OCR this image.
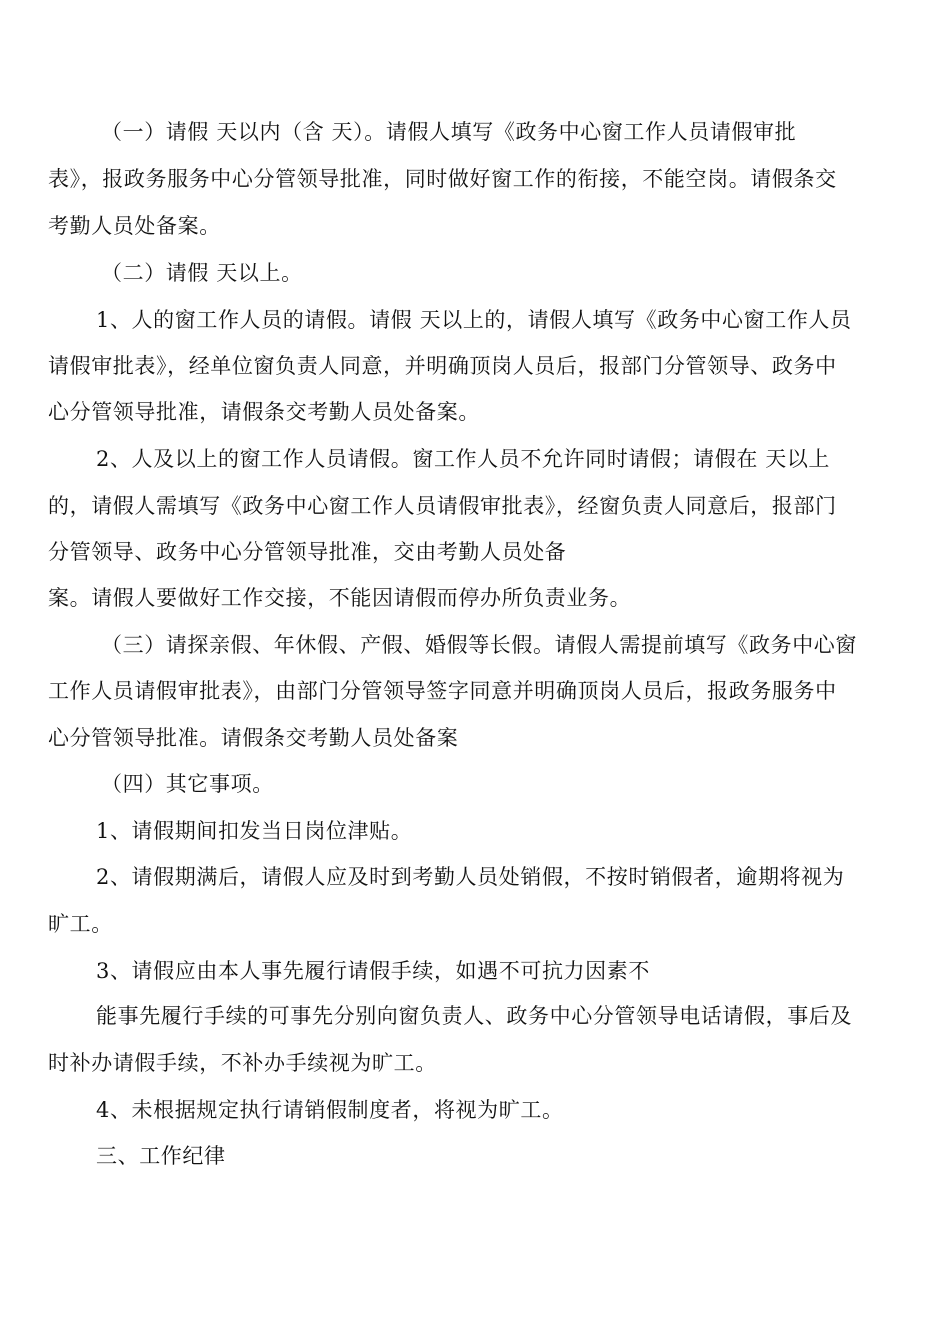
（一）请假 天以内（含 天）。请假人填写《政务中心窗工作人员请假审批
表》，报政务服务中心分管领导批准，同时做好窗工作的衔接，不能空岗。请假条交
考勤人员处备案。
（二）请假 天以上。
1、人的窗工作人员的请假。请假 天以上的，请假人填写《政务中心窗工作人员
请假审批表》，经单位窗负责人同意，并明确顶岗人员后，报部门分管领导、政务中
心分管领导批准，请假条交考勤人员处备案。
2、人及以上的窗工作人员请假。窗工作人员不允许同时请假；请假在 天以上
的，请假人需填写《政务中心窗工作人员请假审批表》，经窗负责人同意后，报部门
分管领导、政务中心分管领导批准，交由考勤人员处备
案。请假人要做好工作交接，不能因请假而停办所负责业务。
（三）请探亲假、年休假、产假、婚假等长假。请假人需提前填写《政务中心窗
工作人员请假审批表》，由部门分管领导签字同意并明确顶岗人员后，报政务服务中
心分管领导批准。请假条交考勤人员处备案
（四）其它事项。
1、请假期间扣发当日岗位津贴。
2、请假期满后，请假人应及时到考勤人员处销假，不按时销假者，逾期将视为
旷工。
3、请假应由本人事先履行请假手续，如遇不可抗力因素不
能事先履行手续的可事先分别向窗负责人、政务中心分管领导电话请假，事后及
时补办请假手续，不补办手续视为旷工。
4、未根据规定执行请销假制度者，将视为旷工。
三、工作纪律
